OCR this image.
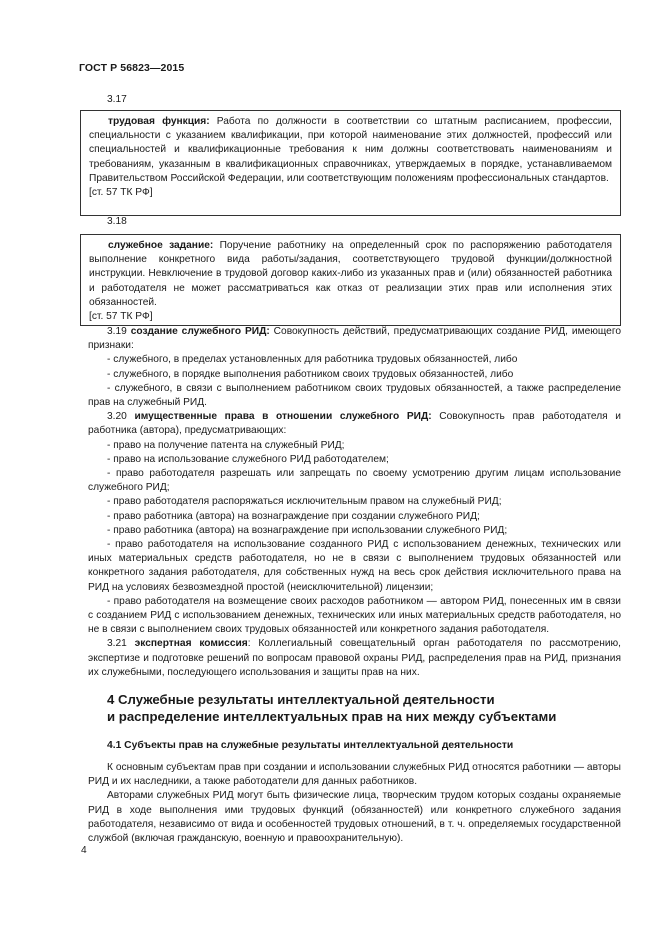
ГОСТ Р 56823—2015
3.17

трудовая функция: Работа по должности в соответствии со штатным расписанием, профессии, специальности с указанием квалификации, при которой наименование этих должностей, профессий или специальностей и квалификационные требования к ним должны соответствовать наименованиям и требованиям, указанным в квалификационных справочниках, утверждаемых в порядке, устанавливаемом Правительством Российской Федерации, или соответствующим положениям профессиональных стандартов.

[ст. 57 ТК РФ]

3.18

служебное задание: Поручение работнику на определенный срок по распоряжению работодателя выполнение конкретного вида работы/задания, соответствующего трудовой функции/должностной инструкции. Невключение в трудовой договор каких-либо из указанных прав и (или) обязанностей работника и работодателя не может рассматриваться как отказ от реализации этих прав или исполнения этих обязанностей.

[ст. 57 ТК РФ]

3.19 создание служебного РИД: Совокупность действий, предусматривающих создание РИД, имеющего признаки:

- служебного, в пределах установленных для работника трудовых обязанностей, либо

- служебного, в порядке выполнения работником своих трудовых обязанностей, либо

- служебного, в связи с выполнением работником своих трудовых обязанностей, а также распределение прав на служебный РИД.

3.20 имущественные права в отношении служебного РИД: Совокупность прав работодателя и работника (автора), предусматривающих:

- право на получение патента на служебный РИД;

- право на использование служебного РИД работодателем;

- право работодателя разрешать или запрещать по своему усмотрению другим лицам использование служебного РИД;

- право работодателя распоряжаться исключительным правом на служебный РИД;

- право работника (автора) на вознаграждение при создании служебного РИД;

- право работника (автора) на вознаграждение при использовании служебного РИД;

- право работодателя на использование созданного РИД с использованием денежных, технических или иных материальных средств работодателя, но не в связи с выполнением трудовых обязанностей или конкретного задания работодателя, для собственных нужд на весь срок действия исключительного права на РИД на условиях безвозмездной простой (неисключительной) лицензии;

- право работодателя на возмещение своих расходов работником — автором РИД, понесенных им в связи с созданием РИД с использованием денежных, технических или иных материальных средств работодателя, но не в связи с выполнением своих трудовых обязанностей или конкретного задания работодателя.

3.21 экспертная комиссия: Коллегиальный совещательный орган работодателя по рассмотрению, экспертизе и подготовке решений по вопросам правовой охраны РИД, распределения прав на РИД, признания их служебными, последующего использования и защиты прав на них.

4 Служебные результаты интеллектуальной деятельности
и распределение интеллектуальных прав на них между субъектами
4.1 Субъекты прав на служебные результаты интеллектуальной деятельности

К основным субъектам прав при создании и использовании служебных РИД относятся работники — авторы РИД и их наследники, а также работодатели для данных работников.

Авторами служебных РИД могут быть физические лица, творческим трудом которых созданы охраняемые РИД в ходе выполнения ими трудовых функций (обязанностей) или конкретного служебного задания работодателя, независимо от вида и особенностей трудовых отношений, в т. ч. определяемых государственной службой (включая гражданскую, военную и правоохранительную).

4
